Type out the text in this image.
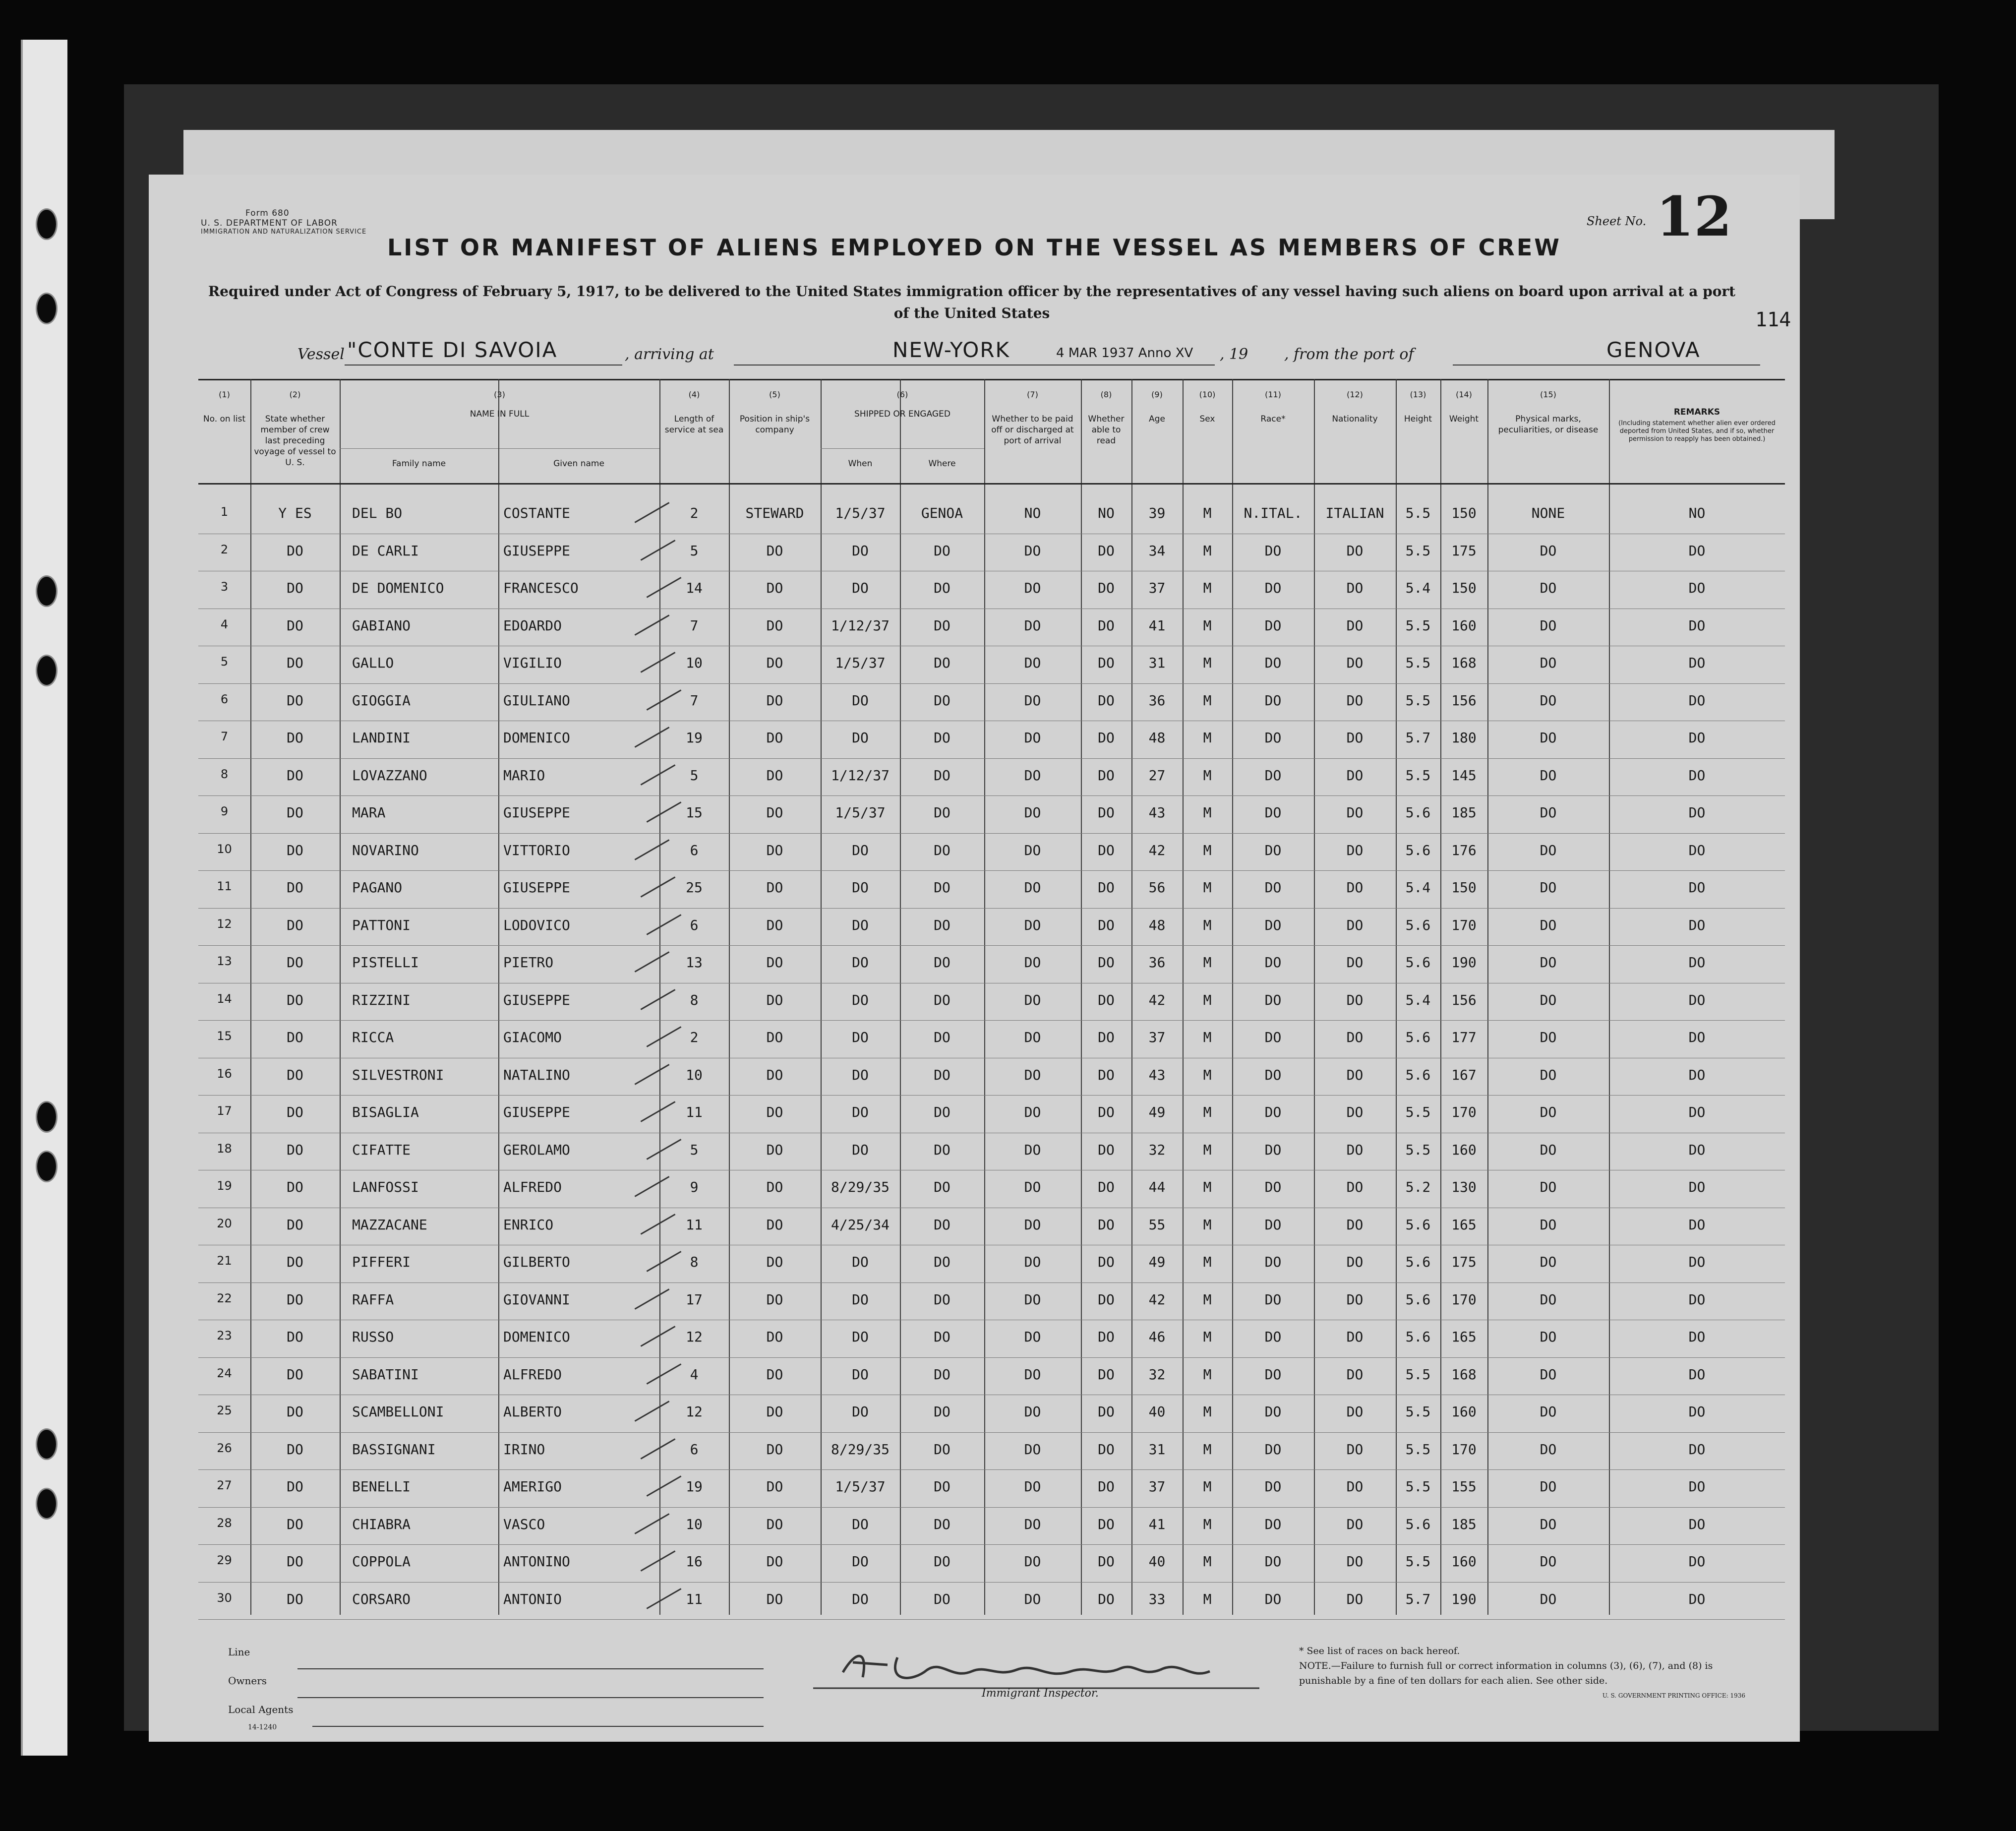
Form 680
U. S. DEPARTMENT OF LABOR
IMMIGRATION AND NATURALIZATION SERVICE
Sheet No. 12
LIST OR MANIFEST OF ALIENS EMPLOYED ON THE VESSEL AS MEMBERS OF CREW
Required under Act of Congress of February 5, 1917, to be delivered to the United States immigration officer by the representatives of any vessel having such aliens on board upon arrival at a port of the United States	114
Vessel "CONTE DI SAVOIA	, arriving at	NEW-YORK	4 MAR 1937 Anno XV , 19 , from the port of	GENOVA
(1)
No. on list
(2)
State whether member of crew last preceding voyage of vessel to U. S.
(3)
NAME IN FULL
Family name	Given name
(4)
Length of service at sea
(5)
Position in ship's company
(6)
SHIPPED OR ENGAGED
When	Where
(7)
Whether to be paid off or discharged at port of arrival
(8)
Whether able to read
(9)
Age
(10)
Sex
(11)
Race*
(12)
Nationality
(13)
Height
(14)
Weight
(15)
Physical marks, peculiarities, or disease
REMARKS
(Including statement whether alien ever ordered deported from United States, and if so, whether permission to reapply has been obtained.)
1	Y ES	DEL BO	COSTANTE	2	STEWARD	1/5/37	GENOA	NO	NO	39	M	N.ITAL.	ITALIAN	5.5	150	NONE	NO
2	DO	DE CARLI	GIUSEPPE	5	DO	DO	DO	DO	DO	34	M	DO	DO	5.5	175	DO	DO
3	DO	DE DOMENICO	FRANCESCO	14	DO	DO	DO	DO	DO	37	M	DO	DO	5.4	150	DO	DO
4	DO	GABIANO	EDOARDO	7	DO	1/12/37	DO	DO	DO	41	M	DO	DO	5.5	160	DO	DO
5	DO	GALLO	VIGILIO	10	DO	1/5/37	DO	DO	DO	31	M	DO	DO	5.5	168	DO	DO
6	DO	GIOGGIA	GIULIANO	7	DO	DO	DO	DO	DO	36	M	DO	DO	5.5	156	DO	DO
7	DO	LANDINI	DOMENICO	19	DO	DO	DO	DO	DO	48	M	DO	DO	5.7	180	DO	DO
8	DO	LOVAZZANO	MARIO	5	DO	1/12/37	DO	DO	DO	27	M	DO	DO	5.5	145	DO	DO
9	DO	MARA	GIUSEPPE	15	DO	1/5/37	DO	DO	DO	43	M	DO	DO	5.6	185	DO	DO
10	DO	NOVARINO	VITTORIO	6	DO	DO	DO	DO	DO	42	M	DO	DO	5.6	176	DO	DO
11	DO	PAGANO	GIUSEPPE	25	DO	DO	DO	DO	DO	56	M	DO	DO	5.4	150	DO	DO
12	DO	PATTONI	LODOVICO	6	DO	DO	DO	DO	DO	48	M	DO	DO	5.6	170	DO	DO
13	DO	PISTELLI	PIETRO	13	DO	DO	DO	DO	DO	36	M	DO	DO	5.6	190	DO	DO
14	DO	RIZZINI	GIUSEPPE	8	DO	DO	DO	DO	DO	42	M	DO	DO	5.4	156	DO	DO
15	DO	RICCA	GIACOMO	2	DO	DO	DO	DO	DO	37	M	DO	DO	5.6	177	DO	DO
16	DO	SILVESTRONI	NATALINO	10	DO	DO	DO	DO	DO	43	M	DO	DO	5.6	167	DO	DO
17	DO	BISAGLIA	GIUSEPPE	11	DO	DO	DO	DO	DO	49	M	DO	DO	5.5	170	DO	DO
18	DO	CIFATTE	GEROLAMO	5	DO	DO	DO	DO	DO	32	M	DO	DO	5.5	160	DO	DO
19	DO	LANFOSSI	ALFREDO	9	DO	8/29/35	DO	DO	DO	44	M	DO	DO	5.2	130	DO	DO
20	DO	MAZZACANE	ENRICO	11	DO	4/25/34	DO	DO	DO	55	M	DO	DO	5.6	165	DO	DO
21	DO	PIFFERI	GILBERTO	8	DO	DO	DO	DO	DO	49	M	DO	DO	5.6	175	DO	DO
22	DO	RAFFA	GIOVANNI	17	DO	DO	DO	DO	DO	42	M	DO	DO	5.6	170	DO	DO
23	DO	RUSSO	DOMENICO	12	DO	DO	DO	DO	DO	46	M	DO	DO	5.6	165	DO	DO
24	DO	SABATINI	ALFREDO	4	DO	DO	DO	DO	DO	32	M	DO	DO	5.5	168	DO	DO
25	DO	SCAMBELLONI	ALBERTO	12	DO	DO	DO	DO	DO	40	M	DO	DO	5.5	160	DO	DO
26	DO	BASSIGNANI	IRINO	6	DO	8/29/35	DO	DO	DO	31	M	DO	DO	5.5	170	DO	DO
27	DO	BENELLI	AMERIGO	19	DO	1/5/37	DO	DO	DO	37	M	DO	DO	5.5	155	DO	DO
28	DO	CHIABRA	VASCO	10	DO	DO	DO	DO	DO	41	M	DO	DO	5.6	185	DO	DO
29	DO	COPPOLA	ANTONINO	16	DO	DO	DO	DO	DO	40	M	DO	DO	5.5	160	DO	DO
30	DO	CORSARO	ANTONIO	11	DO	DO	DO	DO	DO	33	M	DO	DO	5.7	190	DO	DO
Line
Owners
Local Agents
14-1240
Immigrant Inspector.
* See list of races on back hereof.
NOTE.—Failure to furnish full or correct information in columns (3), (6), (7), and (8) is punishable by a fine of ten dollars for each alien. See other side.
U. S. GOVERNMENT PRINTING OFFICE: 1936
